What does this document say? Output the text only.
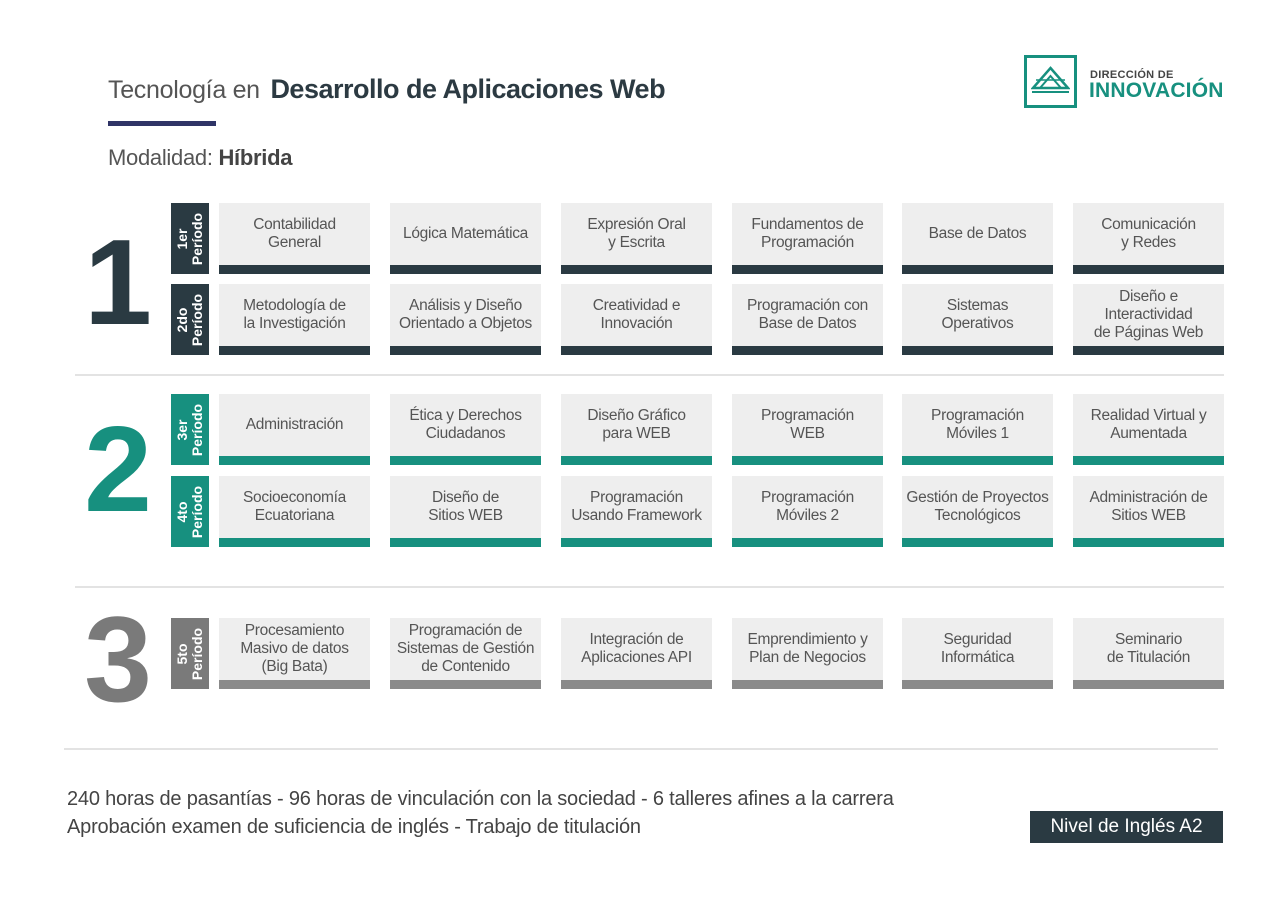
Tecnología en Desarrollo de Aplicaciones Web
Modalidad: Híbrida
DIRECCIÓN DE
INNOVACIÓN
1
2
3
1er
Período
2do
Período
3er
Período
4to
Período
5to
Período
Contabilidad
General
Lógica Matemática
Expresión Oral
y Escrita
Fundamentos de
Programación
Base de Datos
Comunicación
y Redes
Metodología de
la Investigación
Análisis y Diseño
Orientado a Objetos
Creatividad e
Innovación
Programación con
Base de Datos
Sistemas
Operativos
Diseño e Interactividad
de Páginas Web
Administración
Ética y Derechos
Ciudadanos
Diseño Gráfico
para WEB
Programación
WEB
Programación
Móviles 1
Realidad Virtual y
Aumentada
Socioeconomía
Ecuatoriana
Diseño de
Sitios WEB
Programación
Usando Framework
Programación
Móviles 2
Gestión de Proyectos
Tecnológicos
Administración de
Sitios WEB
Procesamiento
Masivo de datos
(Big Bata)
Programación de
Sistemas de Gestión
de Contenido
Integración de
Aplicaciones API
Emprendimiento y
Plan de Negocios
Seguridad
Informática
Seminario
de Titulación
240 horas de pasantías - 96 horas de vinculación con la sociedad - 6 talleres afines a la carrera
Aprobación examen de suficiencia de inglés - Trabajo de titulación	Nivel de Inglés A2
